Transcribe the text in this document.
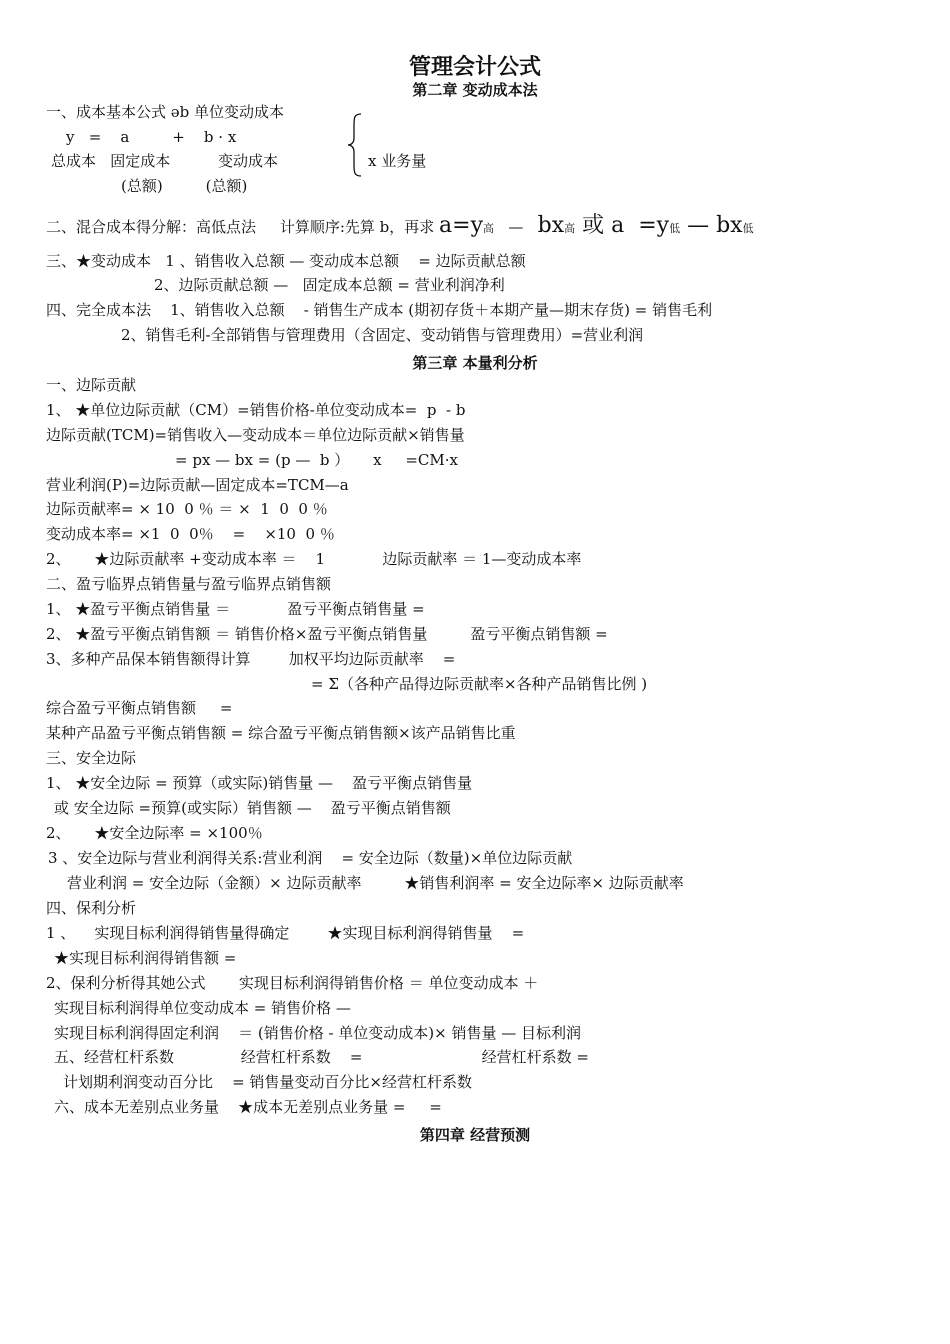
管理会计公式
第二章 变动成本法
一、成本基本公式 əb 单位变动成本
y   =    a         +    b · x
总成本   固定成本          变动成本	x 业务量
(总额)         (总额)
二、混合成本得分解：高低点法     计算顺序:先算 b，再求 a=y高   —   bx高 或 a  =y低 — bx低
三、★变动成本   1 、销售收入总额 — 变动成本总额    = 边际贡献总额
2、边际贡献总额 —   固定成本总额 = 营业利润净利
四、完全成本法    1、销售收入总额    - 销售生产成本 (期初存货＋本期产量—期末存货) = 销售毛利
2、销售毛利-全部销售与管理费用（含固定、变动销售与管理费用）=营业利润
第三章 本量利分析
一、边际贡献
1、 ★单位边际贡献（CM）=销售价格-单位变动成本=  p  - b
边际贡献(TCM)=销售收入—变动成本＝单位边际贡献×销售量
= px — bx = (p —  b ）     x     =CM·x
营业利润(P)=边际贡献—固定成本=TCM—a
边际贡献率= × 10  0 ％ ＝ ×  1  0  0 ％
变动成本率= ×1  0  0％    =    ×10  0 ％
2、     ★边际贡献率 +变动成本率 ＝    1            边际贡献率 ＝ 1—变动成本率
二、盈亏临界点销售量与盈亏临界点销售额
1、 ★盈亏平衡点销售量 ＝            盈亏平衡点销售量 =
2、 ★盈亏平衡点销售额 ＝ 销售价格×盈亏平衡点销售量         盈亏平衡点销售额 =
3、多种产品保本销售额得计算        加权平均边际贡献率    =
= Σ（各种产品得边际贡献率×各种产品销售比例 )
综合盈亏平衡点销售额     =
某种产品盈亏平衡点销售额 = 综合盈亏平衡点销售额×该产品销售比重
三、安全边际
1、 ★安全边际 = 预算（或实际)销售量 —    盈亏平衡点销售量
或 安全边际 =预算(或实际）销售额 —    盈亏平衡点销售额
2、     ★安全边际率 = ×100％
3 、安全边际与营业利润得关系:营业利润    = 安全边际（数量)×单位边际贡献
营业利润 = 安全边际（金额）× 边际贡献率         ★销售利润率 = 安全边际率× 边际贡献率
四、保利分析
1 、    实现目标利润得销售量得确定        ★实现目标利润得销售量    =
★实现目标利润得销售额 =
2、保利分析得其她公式       实现目标利润得销售价格 ＝ 单位变动成本 ＋
实现目标利润得单位变动成本 = 销售价格 —
实现目标利润得固定利润    ＝ (销售价格 - 单位变动成本)× 销售量 — 目标利润
五、经营杠杆系数              经营杠杆系数    =                         经营杠杆系数 =
计划期利润变动百分比    = 销售量变动百分比×经营杠杆系数
六、成本无差别点业务量    ★成本无差别点业务量 =     =
第四章 经营预测
